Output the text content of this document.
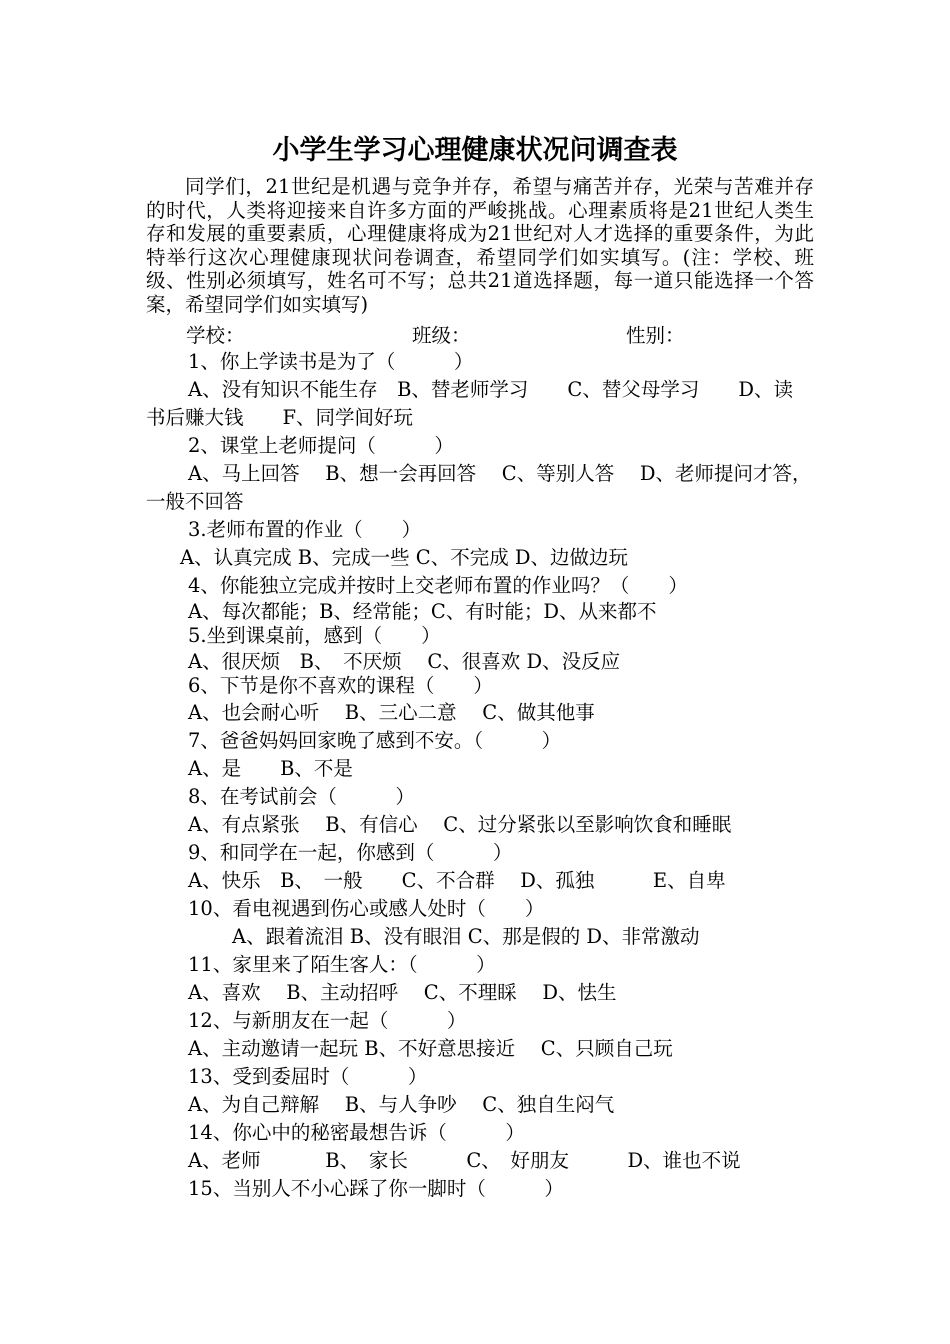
小学生学习心理健康状况问调查表

同学们，21世纪是机遇与竞争并存，希望与痛苦并存，光荣与苦难并存的时代，人类将迎接来自许多方面的严峻挑战。心理素质将是21世纪人类生存和发展的重要素质，心理健康将成为21世纪对人才选择的重要条件，为此特举行这次心理健康现状问卷调查，希望同学们如实填写。(注：学校、班级、性别必须填写，姓名可不写；总共21道选择题，每一道只能选择一个答案，希望同学们如实填写)

学校：	班级：	性别：
1、你上学读书是为了（　　　）
A、没有知识不能生存　B、替老师学习　　C、替父母学习　　D、读
书后赚大钱　　F、同学间好玩
2、课堂上老师提问（　　　）
A、马上回答　 B、想一会再回答　 C、等别人答　 D、老师提问才答，
一般不回答
3.老师布置的作业（　　）
A、认真完成 B、完成一些 C、不完成 D、边做边玩
4、你能独立完成并按时上交老师布置的作业吗？（　　）
A、每次都能；B、经常能；C、有时能；D、从来都不
5.坐到课桌前，感到（　　）
A、很厌烦　B、　不厌烦　 C、很喜欢 D、没反应
6、下节是你不喜欢的课程（　　）
A、也会耐心听　 B、三心二意　 C、做其他事
7、爸爸妈妈回家晚了感到不安。（　　　）
A、是　　B、不是
8、在考试前会（　　　）
A、有点紧张　 B、有信心　 C、过分紧张以至影响饮食和睡眠
9、和同学在一起，你感到（　　　）
A、快乐　B、　一般　　C、不合群　 D、孤独　　　E、自卑
10、看电视遇到伤心或感人处时（　　）
A、跟着流泪 B、没有眼泪 C、那是假的 D、非常激动
11、家里来了陌生客人：（　　　）
A、喜欢　 B、主动招呼　 C、不理睬　 D、怯生
12、与新朋友在一起（　　　）
A、主动邀请一起玩 B、不好意思接近　 C、只顾自己玩
13、受到委屈时（　　　）
A、为自己辩解　 B、与人争吵　 C、独自生闷气
14、你心中的秘密最想告诉（　　　）
A、老师　　　 B、　家长　　　C、　好朋友　　　D、谁也不说
15、当别人不小心踩了你一脚时（　　　）
